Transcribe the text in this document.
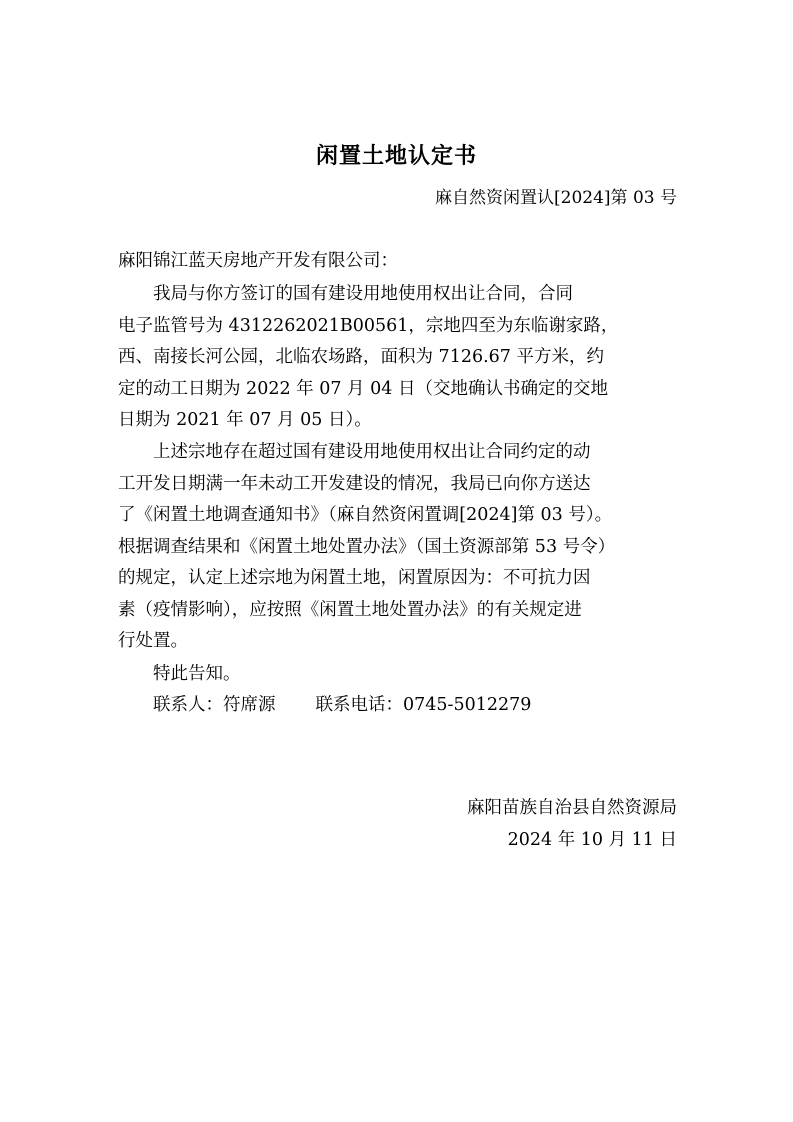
闲置土地认定书
麻自然资闲置认[2024]第 03 号
麻阳锦江蓝天房地产开发有限公司：
我局与你方签订的国有建设用地使用权出让合同，合同
电子监管号为 4312262021B00561，宗地四至为东临谢家路，
西、南接长河公园，北临农场路，面积为 7126.67 平方米，约
定的动工日期为 2022 年 07 月 04 日（交地确认书确定的交地
日期为 2021 年 07 月 05 日）。
上述宗地存在超过国有建设用地使用权出让合同约定的动
工开发日期满一年未动工开发建设的情况，我局已向你方送达
了《闲置土地调查通知书》（麻自然资闲置调[2024]第 03 号）。
根据调查结果和《闲置土地处置办法》（国土资源部第 53 号令）
的规定，认定上述宗地为闲置土地，闲置原因为：不可抗力因
素（疫情影响），应按照《闲置土地处置办法》的有关规定进
行处置。
特此告知。
联系人：符席源 联系电话：0745-5012279
麻阳苗族自治县自然资源局
2024 年 10 月 11 日
